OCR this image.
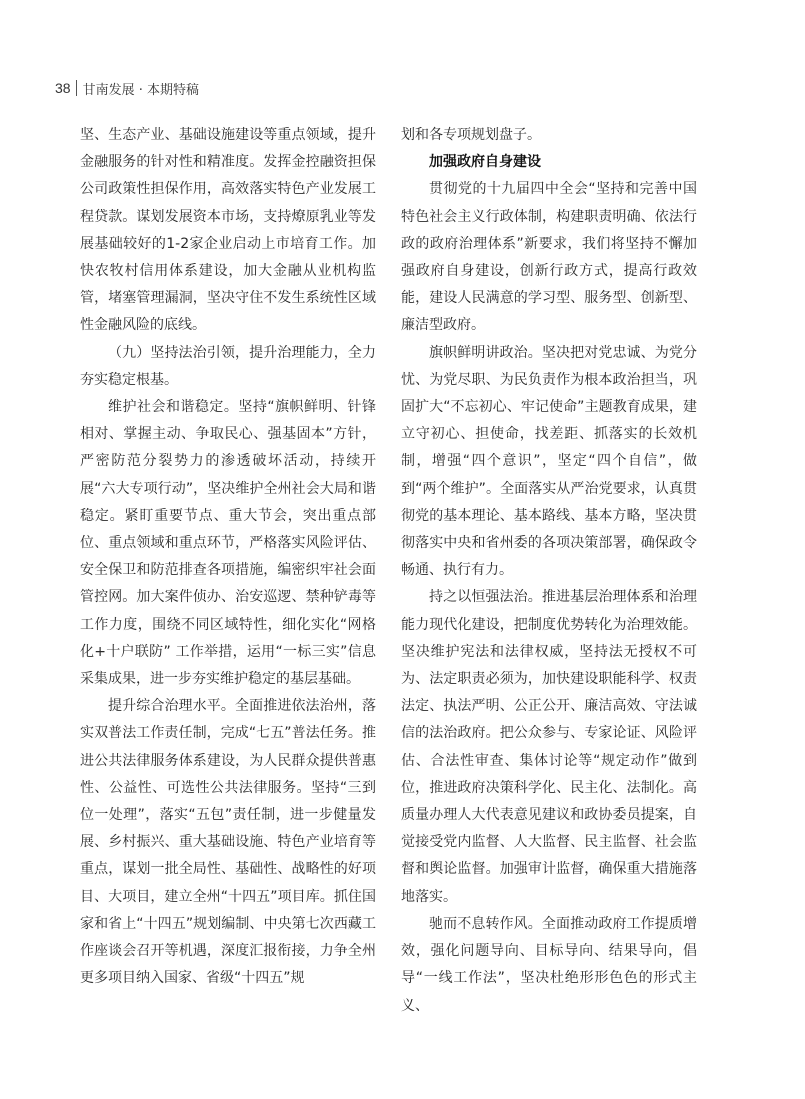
38 甘南发展 · 本期特稿

坚、生态产业、基础设施建设等重点领域，提升金融服务的针对性和精准度。发挥金控融资担保公司政策性担保作用，高效落实特色产业发展工程贷款。谋划发展资本市场，支持燎原乳业等发展基础较好的1-2家企业启动上市培育工作。加快农牧村信用体系建设，加大金融从业机构监管，堵塞管理漏洞，坚决守住不发生系统性区域性金融风险的底线。

（九）坚持法治引领，提升治理能力，全力夯实稳定根基。

维护社会和谐稳定。坚持“旗帜鲜明、针锋相对、掌握主动、争取民心、强基固本”方针，严密防范分裂势力的渗透破坏活动，持续开展“六大专项行动”，坚决维护全州社会大局和谐稳定。紧盯重要节点、重大节会，突出重点部位、重点领域和重点环节，严格落实风险评估、安全保卫和防范排查各项措施，编密织牢社会面管控网。加大案件侦办、治安巡逻、禁种铲毒等工作力度，围绕不同区域特性，细化实化“网格化+十户联防” 工作举措，运用“一标三实”信息采集成果，进一步夯实维护稳定的基层基础。

提升综合治理水平。全面推进依法治州，落实双普法工作责任制，完成“七五”普法任务。推进公共法律服务体系建设，为人民群众提供普惠性、公益性、可选性公共法律服务。坚持“三到位一处理”，落实“五包”责任制，进一步健量发展、乡村振兴、重大基础设施、特色产业培育等重点，谋划一批全局性、基础性、战略性的好项目、大项目，建立全州“十四五”项目库。抓住国家和省上“十四五”规划编制、中央第七次西藏工作座谈会召开等机遇，深度汇报衔接，力争全州更多项目纳入国家、省级“十四五”规

划和各专项规划盘子。

加强政府自身建设

贯彻党的十九届四中全会“坚持和完善中国特色社会主义行政体制，构建职责明确、依法行政的政府治理体系”新要求，我们将坚持不懈加强政府自身建设，创新行政方式，提高行政效能，建设人民满意的学习型、服务型、创新型、廉洁型政府。

旗帜鲜明讲政治。坚决把对党忠诚、为党分忧、为党尽职、为民负责作为根本政治担当，巩固扩大“不忘初心、牢记使命”主题教育成果，建立守初心、担使命，找差距、抓落实的长效机制，增强“四个意识”，坚定“四个自信”，做到“两个维护”。全面落实从严治党要求，认真贯彻党的基本理论、基本路线、基本方略，坚决贯彻落实中央和省州委的各项决策部署，确保政令畅通、执行有力。

持之以恒强法治。推进基层治理体系和治理能力现代化建设，把制度优势转化为治理效能。坚决维护宪法和法律权威，坚持法无授权不可为、法定职责必须为，加快建设职能科学、权责法定、执法严明、公正公开、廉洁高效、守法诚信的法治政府。把公众参与、专家论证、风险评估、合法性审查、集体讨论等“规定动作”做到位，推进政府决策科学化、民主化、法制化。高质量办理人大代表意见建议和政协委员提案，自觉接受党内监督、人大监督、民主监督、社会监督和舆论监督。加强审计监督，确保重大措施落地落实。

驰而不息转作风。全面推动政府工作提质增效，强化问题导向、目标导向、结果导向，倡导“一线工作法”，坚决杜绝形形色色的形式主义、
